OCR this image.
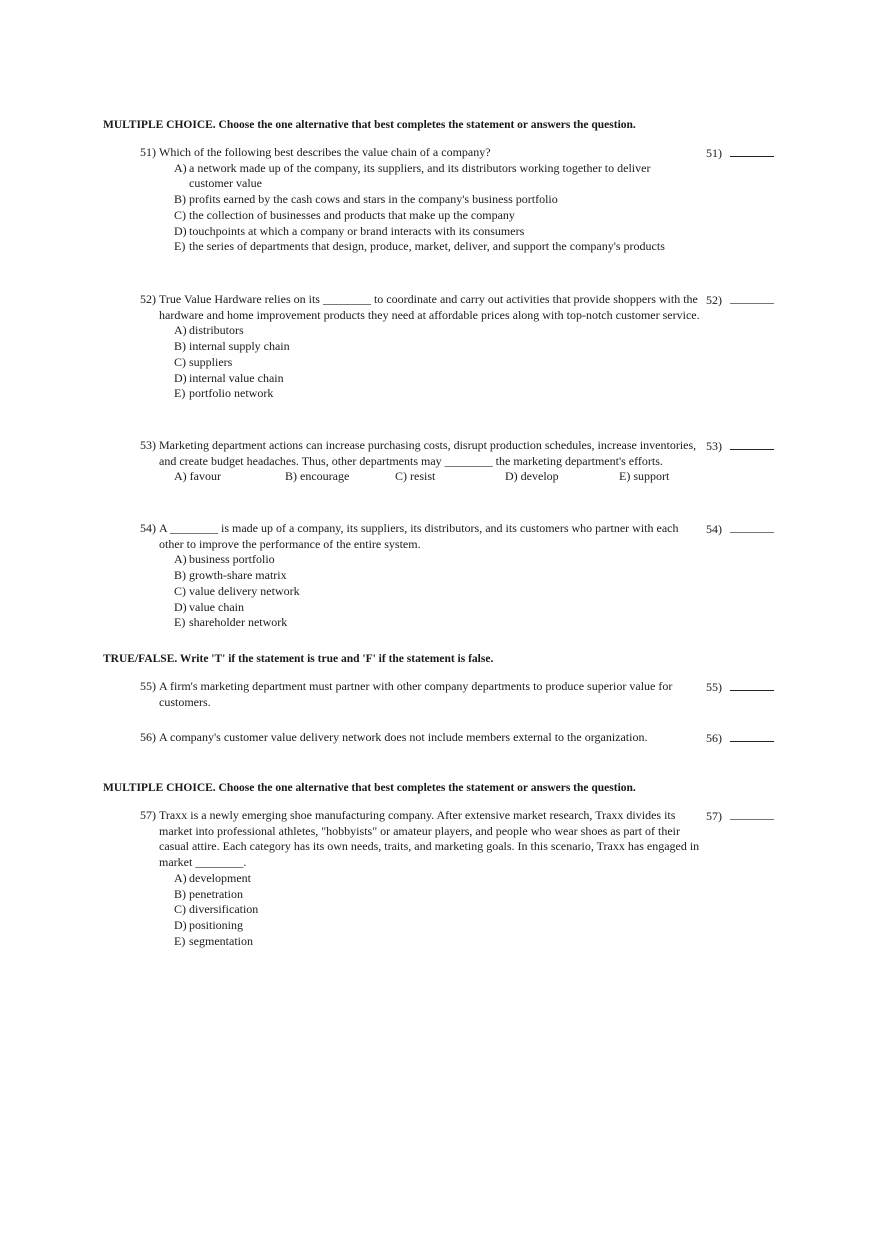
MULTIPLE CHOICE. Choose the one alternative that best completes the statement or answers the question.
51) Which of the following best describes the value chain of a company?
A) a network made up of the company, its suppliers, and its distributors working together to deliver customer value
B) profits earned by the cash cows and stars in the company's business portfolio
C) the collection of businesses and products that make up the company
D) touchpoints at which a company or brand interacts with its consumers
E) the series of departments that design, produce, market, deliver, and support the company's products
51)
52) True Value Hardware relies on its ________ to coordinate and carry out activities that provide shoppers with the hardware and home improvement products they need at affordable prices along with top-notch customer service.
A) distributors
B) internal supply chain
C) suppliers
D) internal value chain
E) portfolio network
52)
53) Marketing department actions can increase purchasing costs, disrupt production schedules, increase inventories, and create budget headaches. Thus, other departments may ________ the marketing department's efforts.
A) favour	B) encourage	C) resist	D) develop	E) support
53)
54) A ________ is made up of a company, its suppliers, its distributors, and its customers who partner with each other to improve the performance of the entire system.
A) business portfolio
B) growth-share matrix
C) value delivery network
D) value chain
E) shareholder network
54)
TRUE/FALSE. Write 'T' if the statement is true and 'F' if the statement is false.
55) A firm's marketing department must partner with other company departments to produce superior value for customers.
55)
56) A company's customer value delivery network does not include members external to the organization.	56)
MULTIPLE CHOICE. Choose the one alternative that best completes the statement or answers the question.
57) Traxx is a newly emerging shoe manufacturing company. After extensive market research, Traxx divides its market into professional athletes, "hobbyists" or amateur players, and people who wear shoes as part of their casual attire. Each category has its own needs, traits, and marketing goals. In this scenario, Traxx has engaged in market ________.
A) development
B) penetration
C) diversification
D) positioning
E) segmentation
57)
